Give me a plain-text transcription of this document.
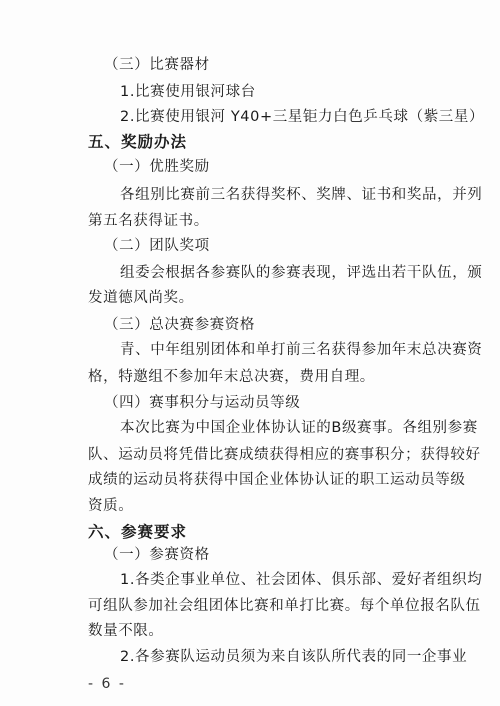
- 6 -
（三）比赛器材
1.比赛使用银河球台
2.比赛使用银河 Y40+三星钜力白色乒乓球（紫三星）
五、奖励办法
（一）优胜奖励
各组别比赛前三名获得奖杯、奖牌、证书和奖品，并列
第五名获得证书。
（二）团队奖项
组委会根据各参赛队的参赛表现，评选出若干队伍，颁
发道德风尚奖。
（三）总决赛参赛资格
青、中年组别团体和单打前三名获得参加年末总决赛资
格，特邀组不参加年末总决赛，费用自理。
（四）赛事积分与运动员等级
本次比赛为中国企业体协认证的B级赛事。各组别参赛
队、运动员将凭借比赛成绩获得相应的赛事积分；获得较好
成绩的运动员将获得中国企业体协认证的职工运动员等级
资质。
六、参赛要求
（一）参赛资格
1.各类企事业单位、社会团体、俱乐部、爱好者组织均
可组队参加社会组团体比赛和单打比赛。每个单位报名队伍
数量不限。
2.各参赛队运动员须为来自该队所代表的同一企事业
